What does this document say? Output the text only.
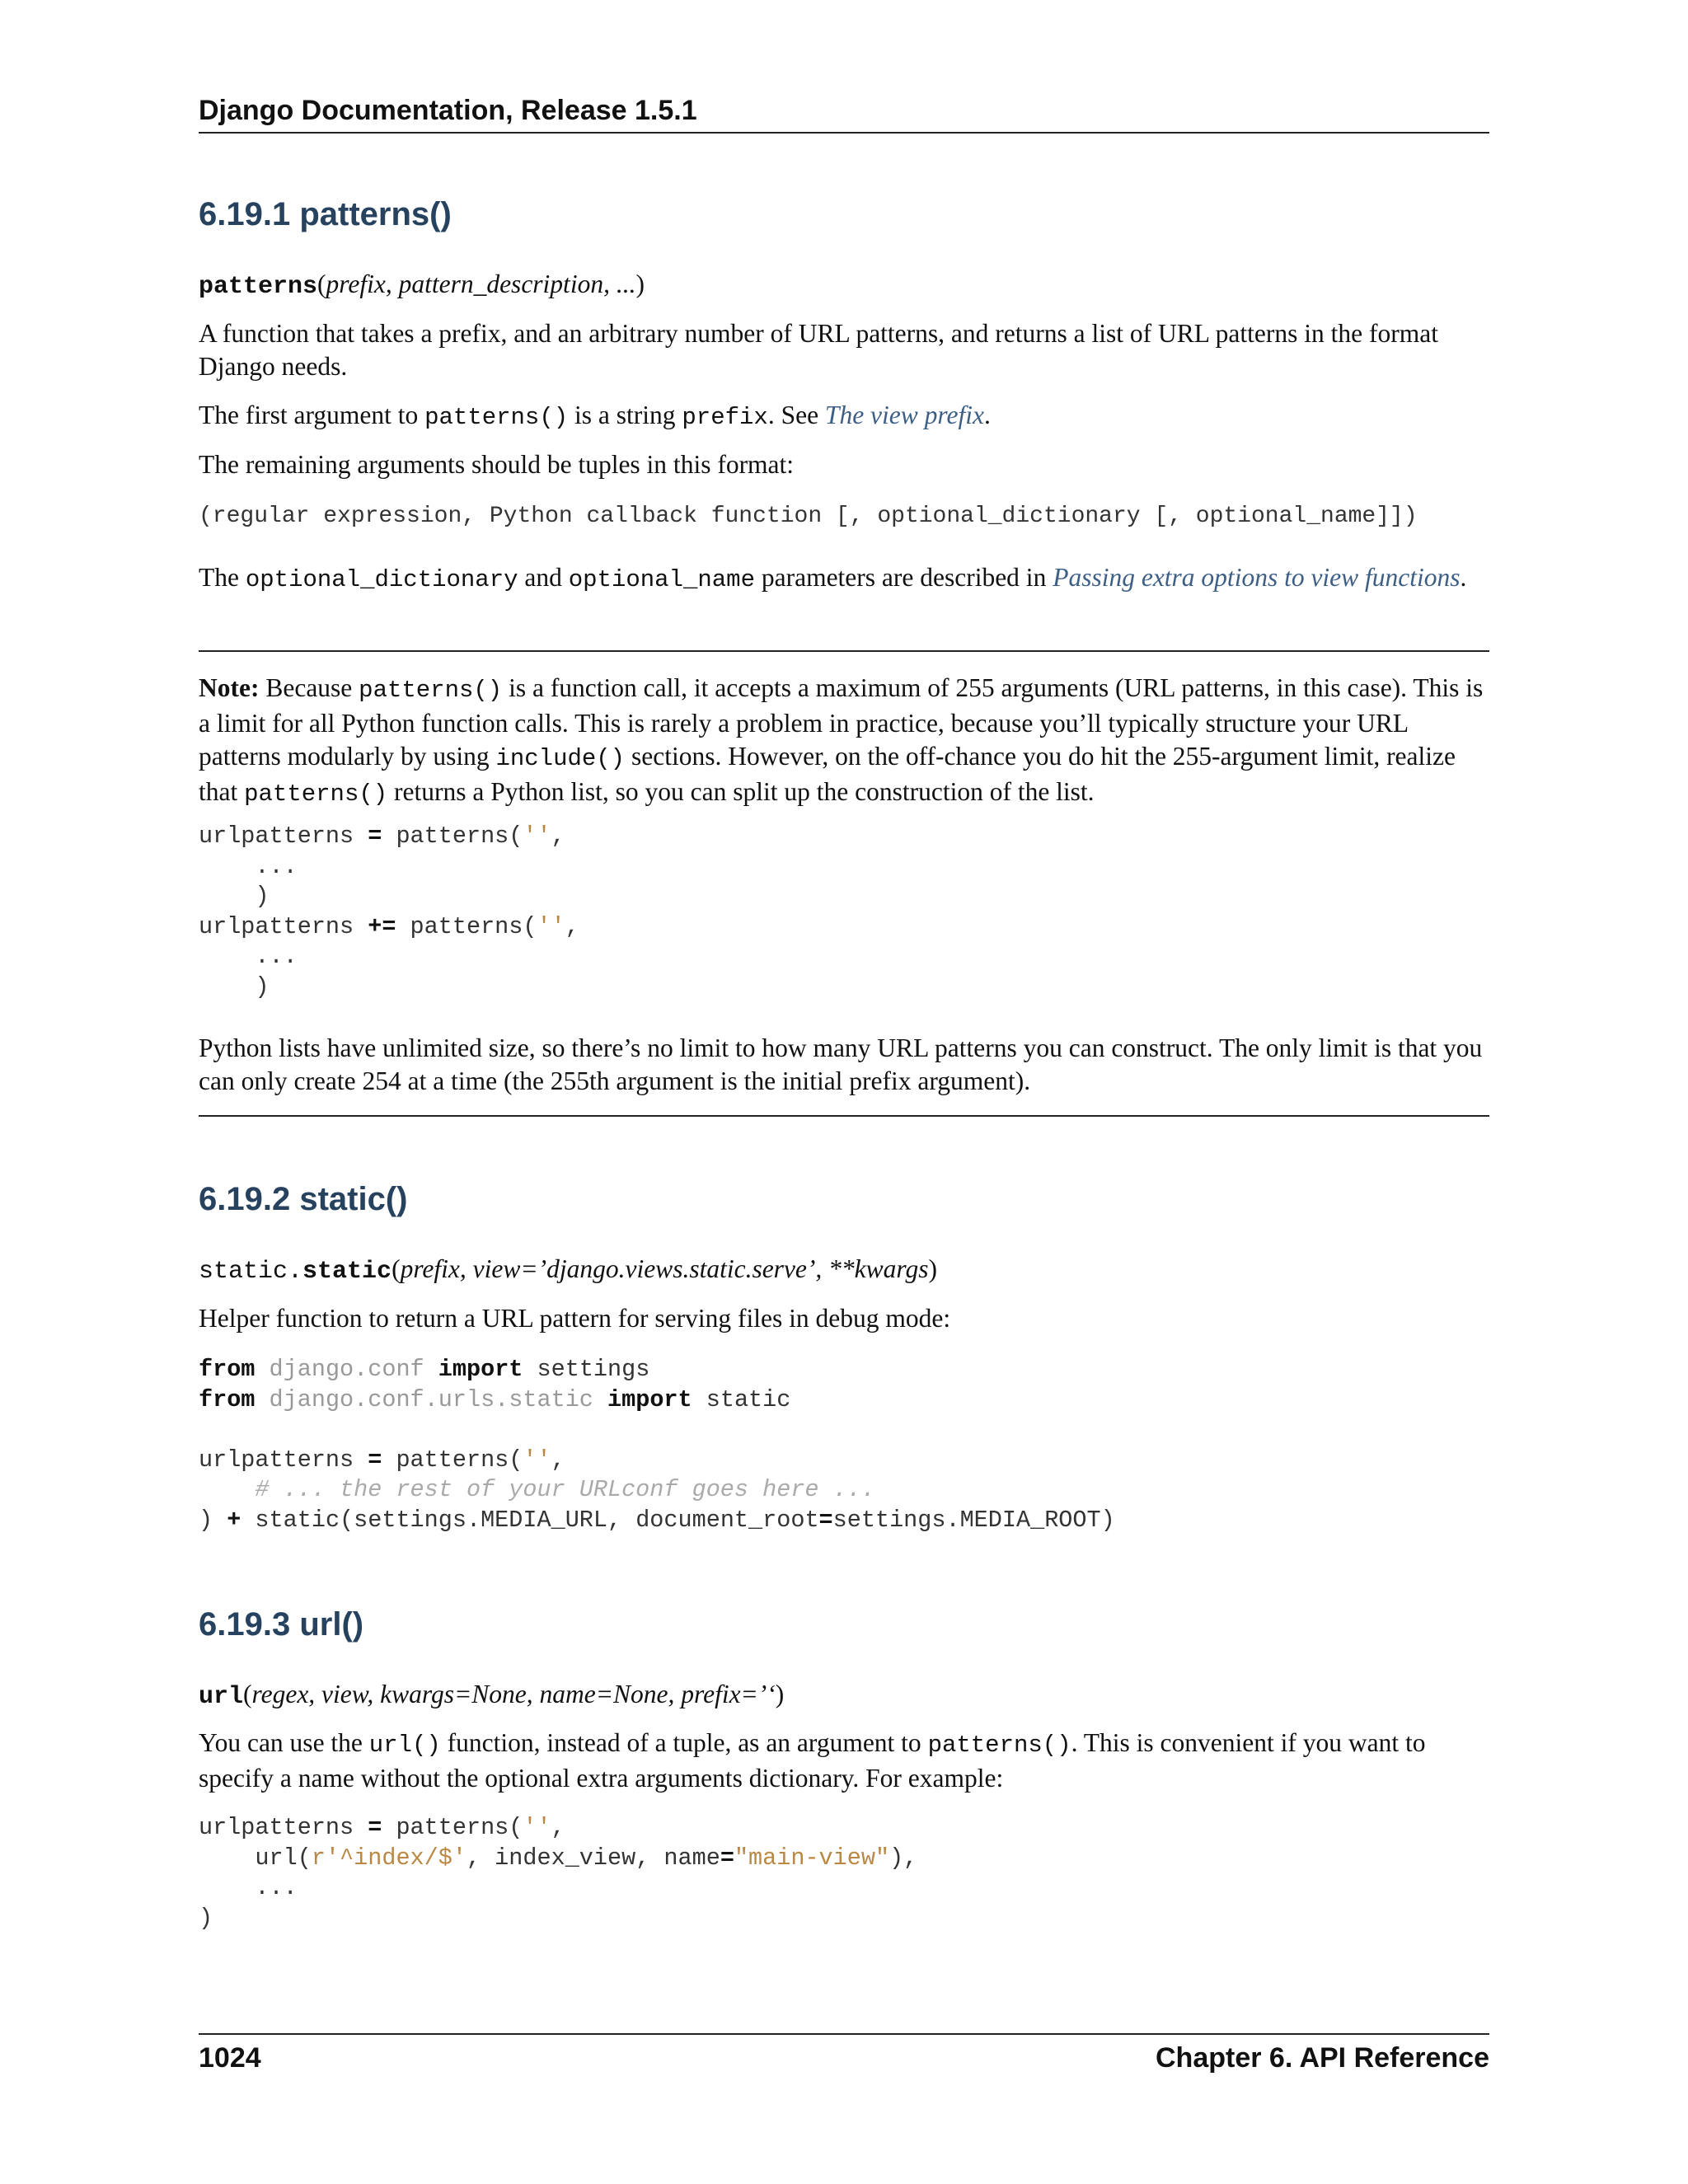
Django Documentation, Release 1.5.1
6.19.1 patterns()
patterns(prefix, pattern_description, ...)

A function that takes a prefix, and an arbitrary number of URL patterns, and returns a list of URL patterns in the format Django needs.

The first argument to patterns() is a string prefix. See The view prefix.

The remaining arguments should be tuples in this format:

(regular expression, Python callback function [, optional_dictionary [, optional_name]])

The optional_dictionary and optional_name parameters are described in Passing extra options to view functions.

Note: Because patterns() is a function call, it accepts a maximum of 255 arguments (URL patterns, in this case). This is a limit for all Python function calls. This is rarely a problem in practice, because you’ll typically structure your URL patterns modularly by using include() sections. However, on the off-chance you do hit the 255-argument limit, realize that patterns() returns a Python list, so you can split up the construction of the list.

urlpatterns = patterns('',
...
)
urlpatterns += patterns('',
...
)

Python lists have unlimited size, so there’s no limit to how many URL patterns you can construct. The only limit is that you can only create 254 at a time (the 255th argument is the initial prefix argument).

6.19.2 static()
static.static(prefix, view=’django.views.static.serve’, **kwargs)

Helper function to return a URL pattern for serving files in debug mode:

from django.conf import settings
from django.conf.urls.static import static

urlpatterns = patterns('',
# ... the rest of your URLconf goes here ...
) + static(settings.MEDIA_URL, document_root=settings.MEDIA_ROOT)
6.19.3 url()
url(regex, view, kwargs=None, name=None, prefix=’‘)

You can use the url() function, instead of a tuple, as an argument to patterns(). This is convenient if you want to specify a name without the optional extra arguments dictionary. For example:

urlpatterns = patterns('',
url(r'^index/$', index_view, name="main-view"),
...
)
1024	Chapter 6. API Reference
